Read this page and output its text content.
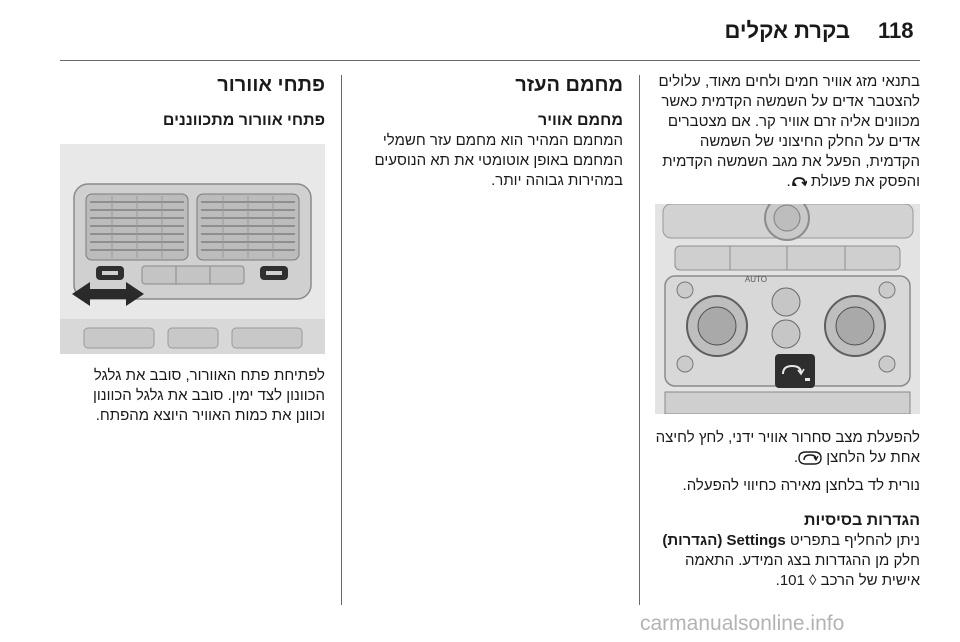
118
בקרת אקלים

בתנאי מזג אוויר חמים ולחים מאוד, עלולים להצטבר אדים על השמשה הקדמית כאשר מכוונים אליה זרם אוויר קר. אם מצטברים אדים על החלק החיצוני של השמשה הקדמית, הפעל את מגב השמשה הקדמית והפסק את פעולת .

AUTO

להפעלת מצב סחרור אוויר ידני, לחץ לחיצה אחת על הלחצן .

נורית לד בלחצן מאירה כחיווי להפעלה.

הגדרות בסיסיות

ניתן להחליף בתפריט Settings (הגדרות) חלק מן ההגדרות בצג המידע. התאמה אישית של הרכב ◊ 101.

מחמם העזר
מחמם אוויר

המחמם המהיר הוא מחמם עזר חשמלי המחמם באופן אוטומטי את תא הנוסעים במהירות גבוהה יותר.

פתחי אוורור
פתחי אוורור מתכווננים

לפתיחת פתח האוורור, סובב את גלגל הכוונון לצד ימין. סובב את גלגל הכוונון וכוונן את כמות האוויר היוצא מהפתח.

carmanualsonline.info
